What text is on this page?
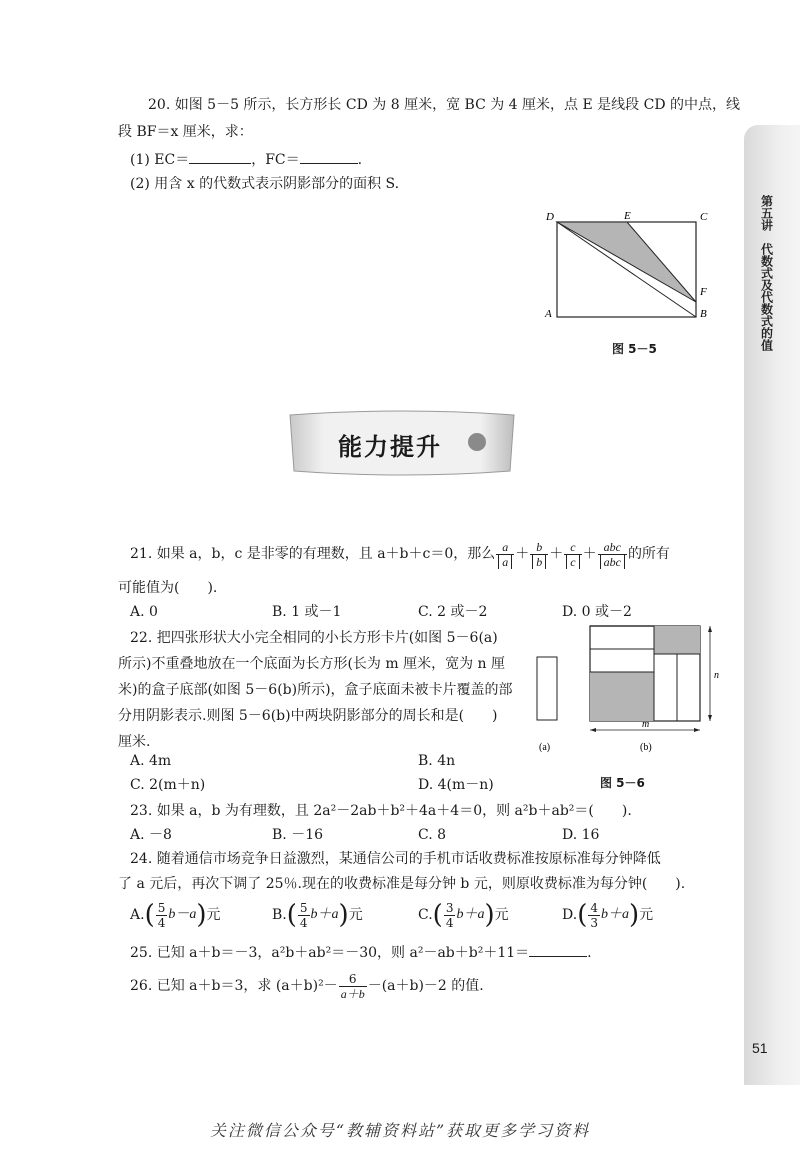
第五讲
代数式及代数式的值
51
20. 如图 5－5 所示，长方形长 CD 为 8 厘米，宽 BC 为 4 厘米，点 E 是线段 CD 的中点，线
段 BF＝x 厘米，求：
(1) EC＝	，FC＝	.
(2) 用含 x 的代数式表示阴影部分的面积 S.
D	E	C
F
A	B
图 5－5
能力提升
21. 如果 a，b，c 是非零的有理数，且 a＋b＋c＝0，那么 $\frac{a}{a} + \frac{b}{b} + \frac{c}{c} + \frac{\text{abc}}{\text{abc}}$ 的所有
可能值为(　　).
A. 0	B. 1 或－1	C. 2 或－2	D. 0 或－2
22. 把四张形状大小完全相同的小长方形卡片(如图 5－6(a)
所示)不重叠地放在一个底面为长方形(长为 m 厘米，宽为 n 厘
米)的盒子底部(如图 5－6(b)所示)，盒子底面未被卡片覆盖的部
分用阴影表示.则图 5－6(b)中两块阴影部分的周长和是(　　)
厘米.
A. 4m	B. 4n
C. 2(m＋n)	D. 4(m－n)
m
n
(a)	(b)
图 5－6
23. 如果 a，b 为有理数，且 2a²－2ab＋b²＋4a＋4＝0，则 a²b＋ab²＝(　　).
A. －8	B. －16	C. 8	D. 16
24. 随着通信市场竞争日益激烈，某通信公司的手机市话收费标准按原标准每分钟降低
了 a 元后，再次下调了 25％.现在的收费标准是每分钟 b 元，则原收费标准为每分钟(　　).
A. ( $\frac{5}{4} b-a$ ) 元	B. ( $\frac{5}{4} b+a$ ) 元	C. ( $\frac{3}{4} b+a$ ) 元	D. ( $\frac{4}{3} b+a$ ) 元
25. 已知 a＋b＝－3，a²b＋ab²＝－30，则 a²－ab＋b²＋11＝	.
26. 已知 a＋b＝3，求 $(a+b)^2- \frac{6}{a+b} -(a+b)-2$ 的值.
关注微信公众号“教辅资料站”获取更多学习资料
